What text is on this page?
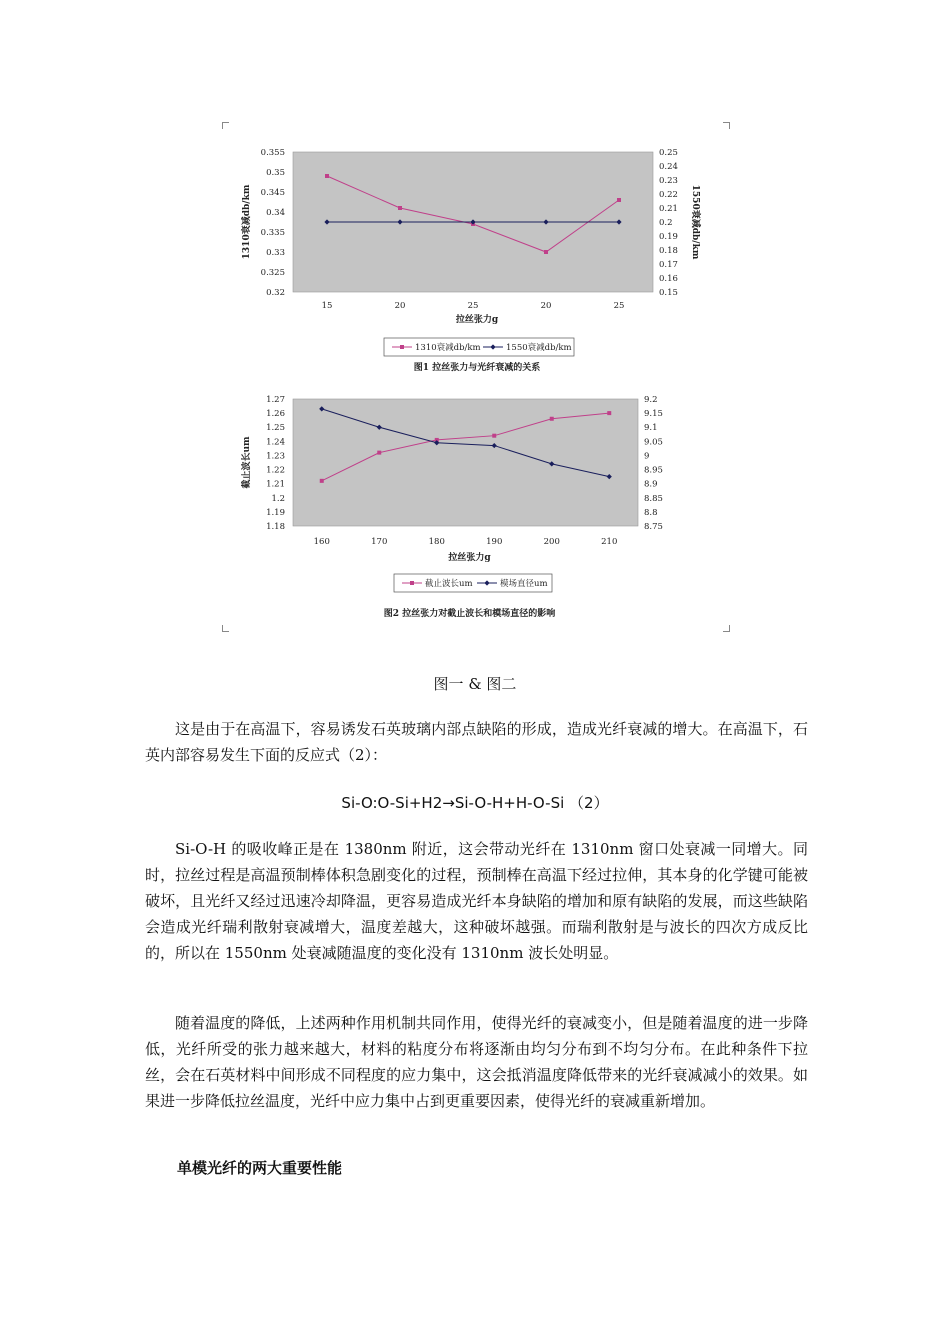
0.355
0.35
0.345
0.34
0.335
0.33
0.325
0.32
0.25
0.24
0.23
0.22
0.21
0.2
0.19
0.18
0.17
0.16
0.15
15	20	25	20	25
拉丝张力g
1310衰减db/km	1550衰减db/km
1310衰减db/km	1550衰减db/km
图1 拉丝张力与光纤衰减的关系
1.27
1.26
1.25
1.24
1.23
1.22
1.21
1.2
1.19
1.18
9.2
9.15
9.1
9.05
9
8.95
8.9
8.85
8.8
8.75
160	170	180	190	200	210
拉丝张力g
截止波长um
截止波长um	模场直径um
图2 拉丝张力对截止波长和模场直径的影响
图一 & 图二

这是由于在高温下，容易诱发石英玻璃内部点缺陷的形成，造成光纤衰减的增大。在高温下，石英内部容易发生下面的反应式（2）：

Si-O:O-Si+H2→Si-O-H+H-O-Si （2）

Si-O-H 的吸收峰正是在 1380nm 附近，这会带动光纤在 1310nm 窗口处衰减一同增大。同时，拉丝过程是高温预制棒体积急剧变化的过程，预制棒在高温下经过拉伸，其本身的化学键可能被破坏，且光纤又经过迅速冷却降温，更容易造成光纤本身缺陷的增加和原有缺陷的发展，而这些缺陷会造成光纤瑞利散射衰减增大，温度差越大，这种破坏越强。而瑞利散射是与波长的四次方成反比的，所以在 1550nm 处衰减随温度的变化没有 1310nm 波长处明显。

随着温度的降低，上述两种作用机制共同作用，使得光纤的衰减变小，但是随着温度的进一步降低，光纤所受的张力越来越大，材料的粘度分布将逐渐由均匀分布到不均匀分布。在此种条件下拉丝，会在石英材料中间形成不同程度的应力集中，这会抵消温度降低带来的光纤衰减减小的效果。如果进一步降低拉丝温度，光纤中应力集中占到更重要因素，使得光纤的衰减重新增加。

单模光纤的两大重要性能
